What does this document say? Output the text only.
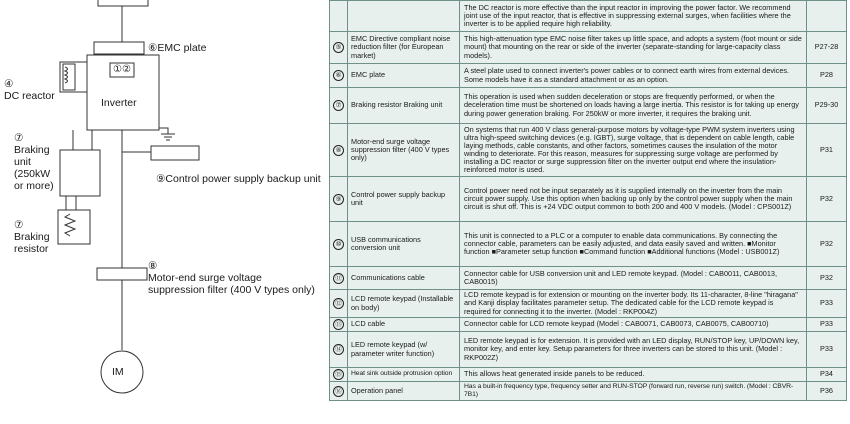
⑥EMC plate
①②
Inverter
④
DC reactor
⑦
Braking
unit
(250kW
or more)
⑦
Braking
resistor
⑨Control power supply backup unit
⑧
Motor-end surge voltage
suppression filter (400 V types only)
IM
		The DC reactor is more effective than the input reactor in improving the power factor. We recommend joint use of the input reactor, that is effective in suppressing external surges, when facilities where the inverter is to be applied require high reliability.	
⑤	EMC Directive compliant noise reduction filter (for European market)	This high-attenuation type EMC noise filter takes up little space, and adopts a system (foot mount or side mount) that mounting on the rear or side of the inverter (separate-standing for large-capacity class models).	P27-28
⑥	EMC plate	A steel plate used to connect inverter's power cables or to connect earth wires from external devices. Some models have it as a standard attachment or as an option.	P28
⑦	Braking resistor Braking unit	This operation is used when sudden deceleration or stops are frequently performed, or when the deceleration time must be shortened on loads having a large inertia. This resistor is for taking up energy during power generation braking. For 250kW or more inverter, it requires the braking unit.	P29-30
⑧	Motor-end surge voltage suppression filter (400 V types only)	On systems that run 400 V class general-purpose motors by voltage-type PWM system inverters using ultra high-speed switching devices (e.g. IGBT), surge voltage, that is dependent on cable length, cable laying methods, cable constants, and other factors, sometimes causes the insulation of the motor winding to deteriorate. For this reason, measures for suppressing surge voltage are performed by installing a DC reactor or surge suppression filter on the inverter output end where the insulation-reinforced motor is used.	P31
⑨	Control power supply backup unit	Control power need not be input separately as it is supplied internally on the inverter from the main circuit power supply. Use this option when backing up only by the control power supply when the main circuit is shut off. This is +24 VDC output common to both 200 and 400 V models. (Model : CPS001Z)	P32
⑩	USB communications conversion unit	This unit is connected to a PLC or a computer to enable data communications. By connecting the connector cable, parameters can be easily adjusted, and data easily saved and written. ■Monitor function ■Parameter setup function ■Command function ■Additional functions (Model : USB001Z)	P32
⑪	Communications cable	Connector cable for USB conversion unit and LED remote keypad. (Model : CAB0011, CAB0013, CAB0015)	P32
⑫	LCD remote keypad (Installable on body)	LCD remote keypad is for extension or mounting on the inverter body. Its 11-character, 8-line "hiragana" and Kanji display facilitates parameter setup. The dedicated cable for the LCD remote keypad is required for connecting it to the inverter. (Model : RKP004Z)	P33
⑬	LCD cable	Connector cable for LCD remote keypad (Model : CAB0071, CAB0073, CAB0075, CAB00710)	P33
⑭	LED remote keypad (w/ parameter writer function)	LED remote keypad is for extension. It is provided with an LED display, RUN/STOP key, UP/DOWN key, monitor key, and enter key. Setup parameters for three inverters can be stored to this unit. (Model : RKP002Z)	P33
⑮	Heat sink outside protrusion option	This allows heat generated inside panels to be reduced.	P34
⑯	Operation panel	Has a built-in frequency type, frequency setter and RUN-STOP (forward run, reverse run) switch. (Model : CBVR-7B1)	P36
